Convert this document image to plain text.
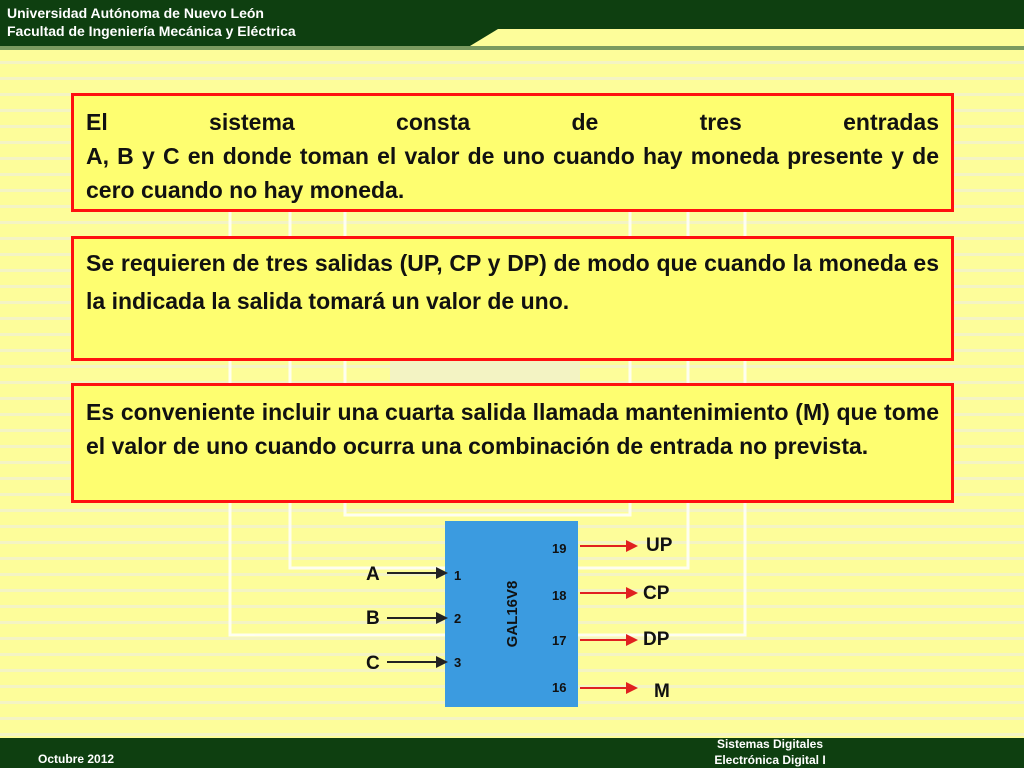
Universidad Autónoma de Nuevo León
Facultad de Ingeniería Mecánica y Eléctrica
GAL16V8
A
B
C
1
2
3
19
18
17
16
UP
CP
DP
M
El sistema consta de tres entradas
A, B y C en donde toman el valor de uno cuando hay moneda presente y de cero cuando no hay moneda.
Se requieren de tres salidas (UP, CP y DP) de modo que cuando la moneda es la indicada la salida tomará un valor de uno.
Es conveniente incluir una cuarta salida llamada mantenimiento (M) que tome el valor de uno cuando ocurra una combinación de entrada no prevista.
Octubre 2012
Sistemas Digitales
Electrónica Digital I
